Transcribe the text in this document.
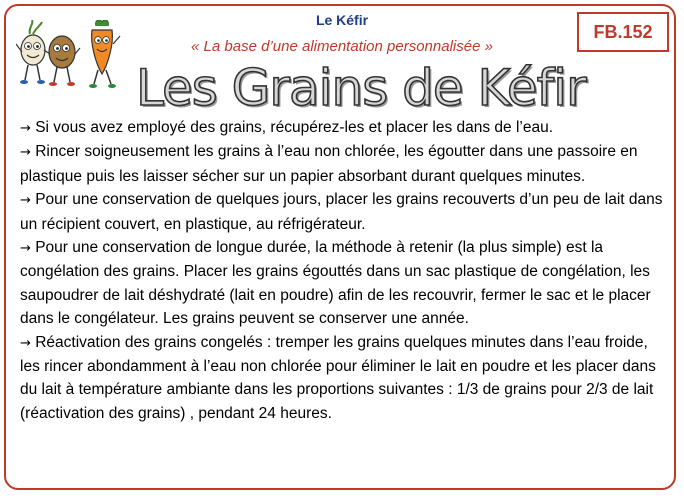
Le Kéfir
« La base d’une alimentation personnalisée »
FB.152
Les Grains de Kéfir

→ Si vous avez employé des grains, récupérez-les et placer les dans de l’eau.

→ Rincer soigneusement les grains à l’eau non chlorée, les égoutter dans une passoire en plastique puis les laisser sécher sur un papier absorbant durant quelques minutes.

→ Pour une conservation de quelques jours, placer les grains recouverts d’un peu de lait dans un récipient couvert, en plastique, au réfrigérateur.

→ Pour une conservation de longue durée, la méthode à retenir (la plus simple) est la congélation des grains. Placer les grains égouttés dans un sac plastique de congélation, les saupoudrer de lait déshydraté (lait en poudre) afin de les recouvrir, fermer le sac et le placer dans le congélateur. Les grains peuvent se conserver une année.

→ Réactivation des grains congelés : tremper les grains quelques minutes dans l’eau froide, les rincer abondamment à l’eau non chlorée pour éliminer le lait en poudre et les placer dans du lait à température ambiante dans les proportions suivantes : 1/3 de grains pour 2/3 de lait (réactivation des grains) , pendant 24 heures.
